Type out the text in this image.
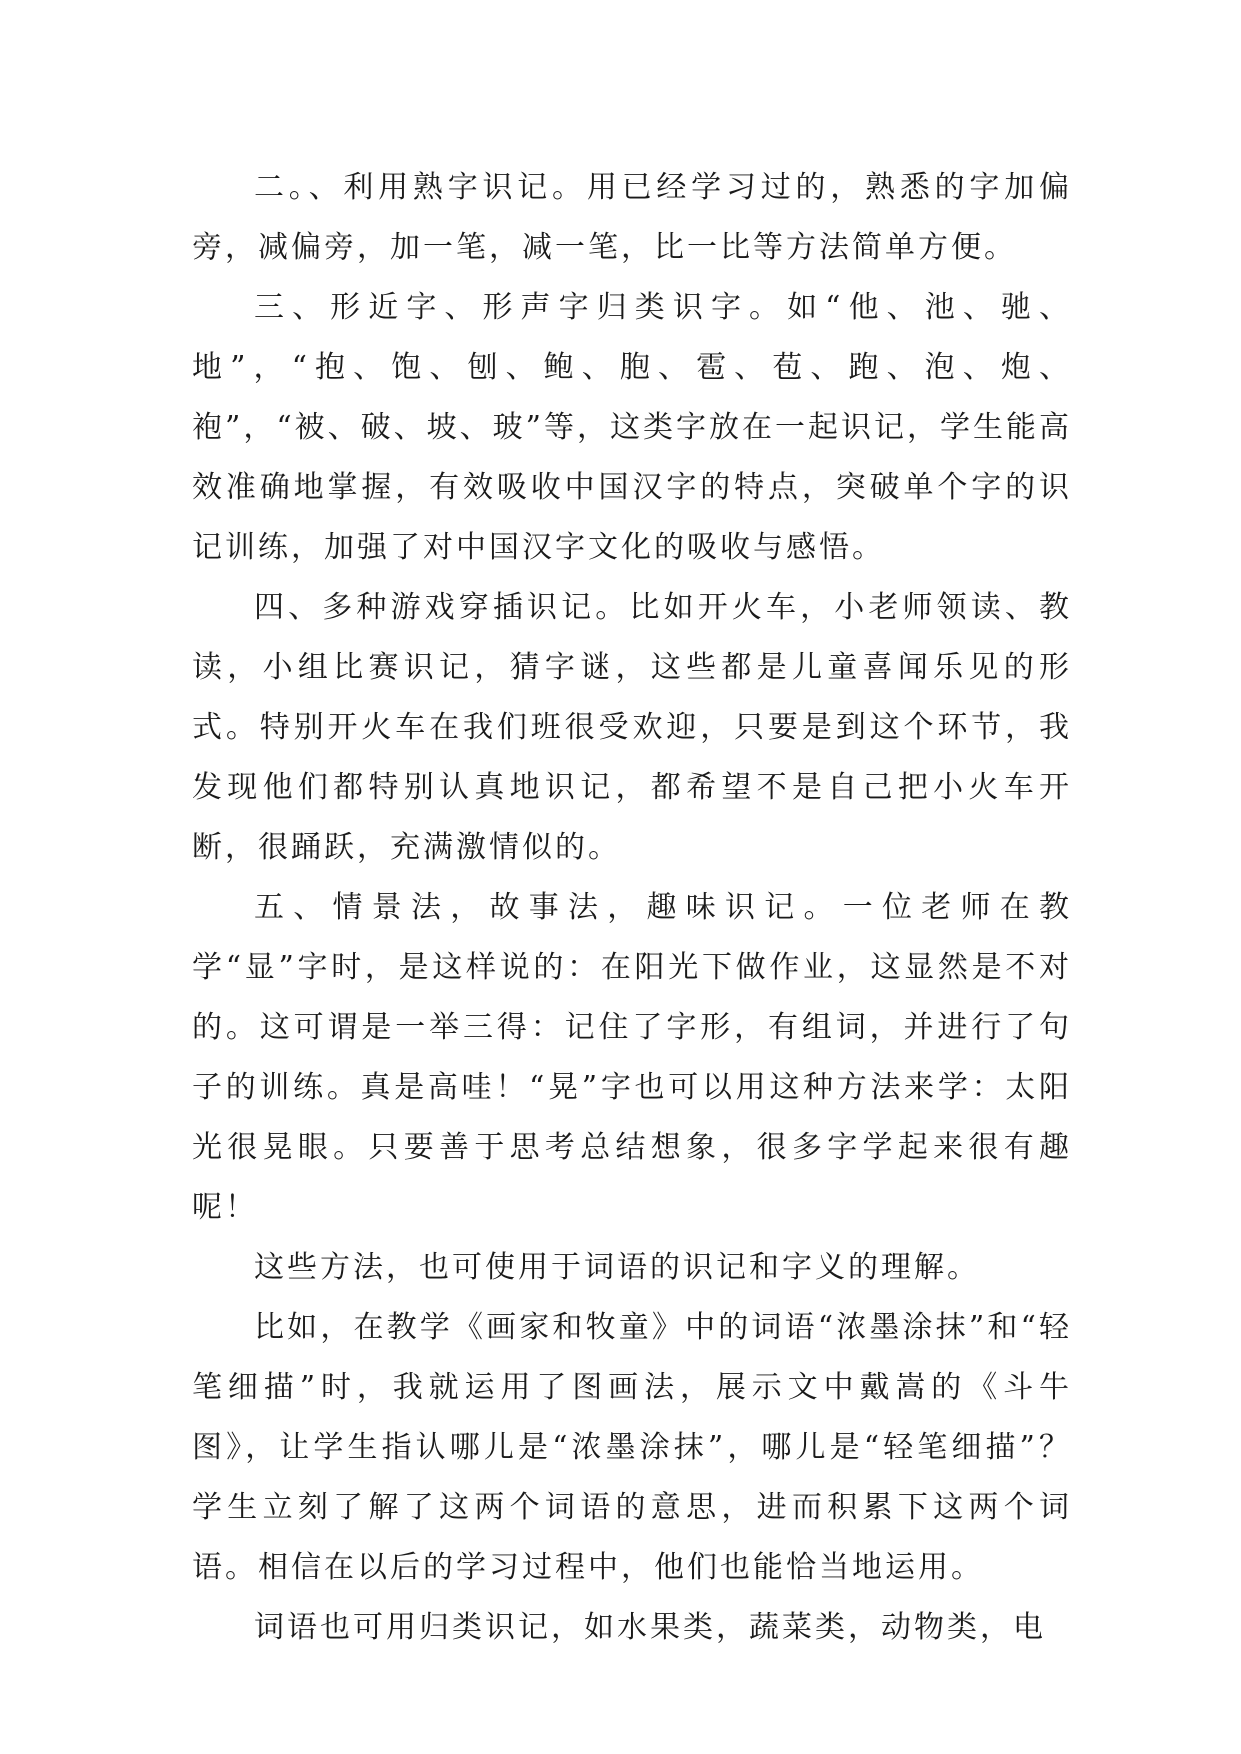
二。、利用熟字识记。用已经学习过的，熟悉的字加偏旁，减偏旁，加一笔，减一笔，比一比等方法简单方便。

三、形近字、形声字归类识字。如“他、池、驰、地”，“抱、饱、刨、鲍、胞、雹、苞、跑、泡、炮、袍”，“被、破、坡、玻”等，这类字放在一起识记，学生能高效准确地掌握，有效吸收中国汉字的特点，突破单个字的识记训练，加强了对中国汉字文化的吸收与感悟。

四、多种游戏穿插识记。比如开火车，小老师领读、教读，小组比赛识记，猜字谜，这些都是儿童喜闻乐见的形式。特别开火车在我们班很受欢迎，只要是到这个环节，我发现他们都特别认真地识记，都希望不是自己把小火车开断，很踊跃，充满激情似的。

五、情景法，故事法，趣味识记。一位老师在教学“显”字时，是这样说的：在阳光下做作业，这显然是不对的。这可谓是一举三得：记住了字形，有组词，并进行了句子的训练。真是高哇！“晃”字也可以用这种方法来学：太阳光很晃眼。只要善于思考总结想象，很多字学起来很有趣呢！

这些方法，也可使用于词语的识记和字义的理解。

比如，在教学《画家和牧童》中的词语“浓墨涂抹”和“轻笔细描”时，我就运用了图画法，展示文中戴嵩的《斗牛图》，让学生指认哪儿是“浓墨涂抹”，哪儿是“轻笔细描”？学生立刻了解了这两个词语的意思，进而积累下这两个词语。相信在以后的学习过程中，他们也能恰当地运用。

词语也可用归类识记，如水果类，蔬菜类，动物类，电
